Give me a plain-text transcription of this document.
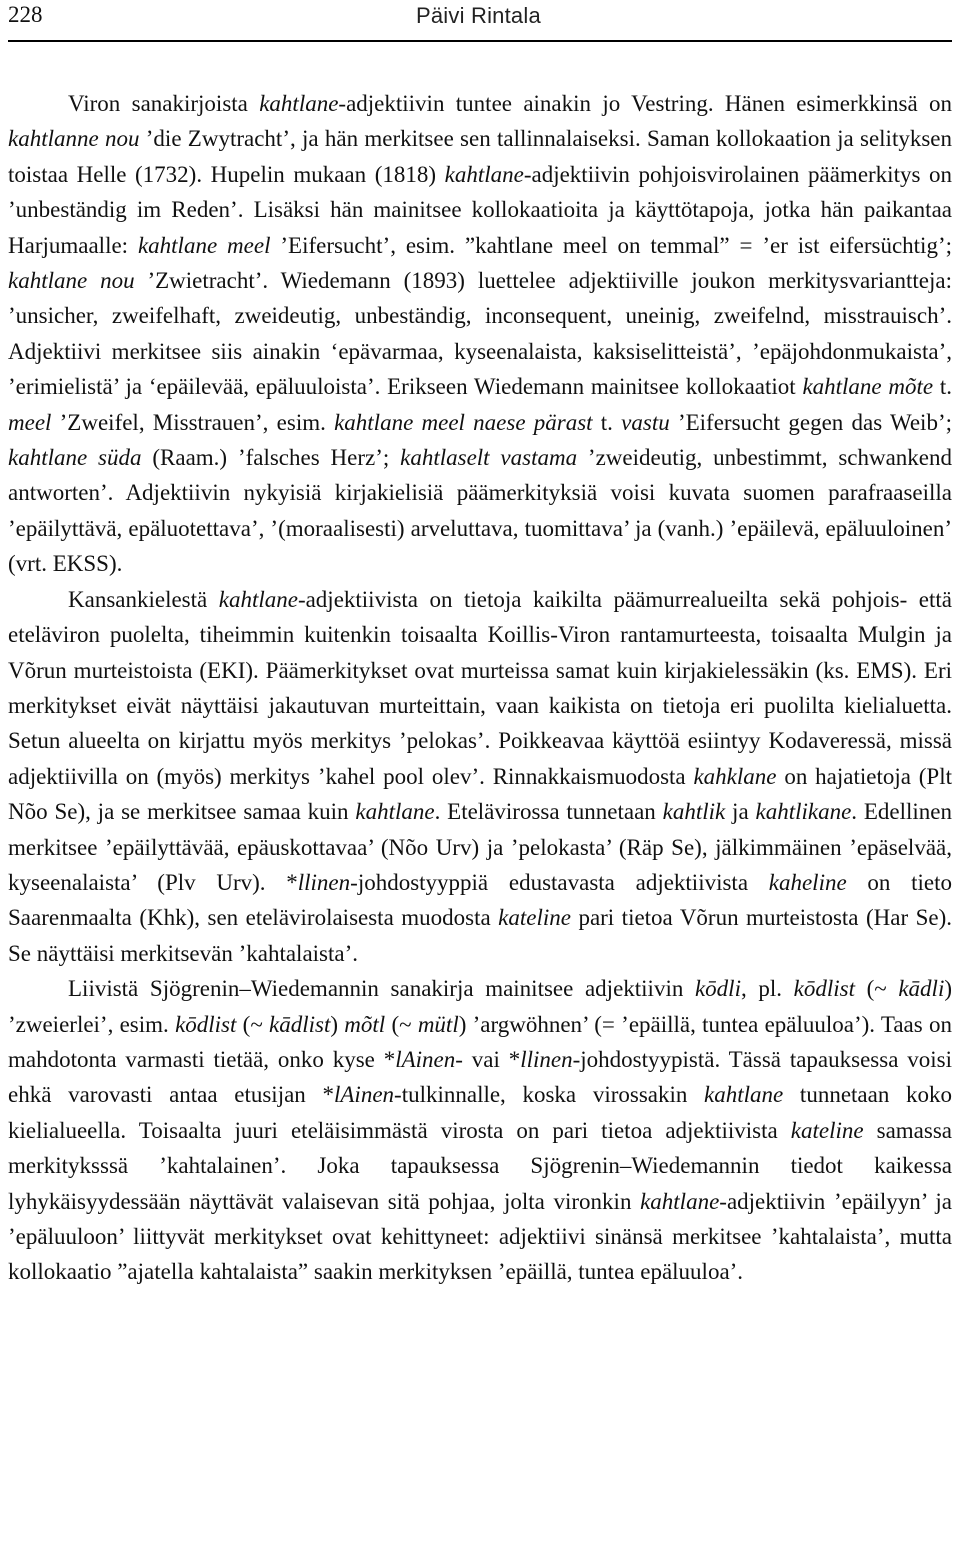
228	Päivi Rintala

Viron sanakirjoista kahtlane-adjektiivin tuntee ainakin jo Vestring. Hänen esimerkkinsä on kahtlanne nou ’die Zwytracht’, ja hän merkitsee sen tallinnalaiseksi. Saman kollokaation ja selityksen toistaa Helle (1732). Hupelin mukaan (1818) kahtlane-adjektiivin pohjoisvirolainen päämerkitys on ’unbeständig im Reden’. Lisäksi hän mainitsee kollokaatioita ja käyttötapoja, jotka hän paikantaa Harjumaalle: kahtlane meel ’Eifersucht’, esim. ”kahtlane meel on temmal” = ’er ist eifersüchtig’; kahtlane nou ’Zwietracht’. Wiedemann (1893) luettelee adjektiiville joukon merkitysvariantteja: ’unsicher, zweifelhaft, zweideutig, unbeständig, inconsequent, uneinig, zweifelnd, misstrauisch’. Adjektiivi merkitsee siis ainakin ‘epävarmaa, kyseenalaista, kaksiselitteistä’, ’epäjohdonmukaista’, ’erimielistä’ ja ‘epäilevää, epäluuloista’. Erikseen Wiedemann mainitsee kollokaatiot kahtlane mõte t. meel ’Zweifel, Misstrauen’, esim. kahtlane meel naese pärast t. vastu ’Eifersucht gegen das Weib’; kahtlane süda (Raam.) ’falsches Herz’; kahtlaselt vastama ’zweideutig, unbestimmt, schwankend antworten’. Adjektiivin nykyisiä kirjakielisiä päämerkityksiä voisi kuvata suomen parafraaseilla ’epäilyttävä, epäluotettava’, ’(moraalisesti) arveluttava, tuomittava’ ja (vanh.) ’epäilevä, epäluuloinen’ (vrt. EKSS).

Kansankielestä kahtlane-adjektiivista on tietoja kaikilta päämurrealueilta sekä pohjois- että eteläviron puolelta, tiheimmin kuitenkin toisaalta Koillis-Viron rantamurteesta, toisaalta Mulgin ja Võrun murteistoista (EKI). Päämerkitykset ovat murteissa samat kuin kirjakielessäkin (ks. EMS). Eri merkitykset eivät näyttäisi jakautuvan murteittain, vaan kaikista on tietoja eri puolilta kielialuetta. Setun alueelta on kirjattu myös merkitys ’pelokas’. Poikkeavaa käyttöä esiintyy Kodaveressä, missä adjektiivilla on (myös) merkitys ’kahel pool olev’. Rinnakkaismuodosta kahklane on hajatietoja (Plt Nõo Se), ja se merkitsee samaa kuin kahtlane. Etelävirossa tunnetaan kahtlik ja kahtlikane. Edellinen merkitsee ’epäilyttävää, epäuskottavaa’ (Nõo Urv) ja ’pelokasta’ (Räp Se), jälkimmäinen ’epäselvää, kyseenalaista’ (Plv Urv). *llinen-johdostyyppiä edustavasta adjektiivista kaheline on tieto Saarenmaalta (Khk), sen etelävirolaisesta muodosta kateline pari tietoa Võrun murteistosta (Har Se). Se näyttäisi merkitsevän ’kahtalaista’.

Liivistä Sjögrenin–Wiedemannin sanakirja mainitsee adjektiivin kōdli, pl. kōdlist (~ kādli) ’zweierlei’, esim. kōdlist (~ kādlist) mõtl (~ mütl) ’argwöhnen’ (= ’epäillä, tuntea epäluuloa’). Taas on mahdotonta varmasti tietää, onko kyse *lAinen- vai *llinen-johdostyypistä. Tässä tapauksessa voisi ehkä varovasti antaa etusijan *lAinen-tulkinnalle, koska virossakin kahtlane tunnetaan koko kielialueella. Toisaalta juuri eteläisimmästä virosta on pari tietoa adjektiivista kateline samassa merkityksssä ’kahtalainen’. Joka tapauksessa Sjögrenin–Wiedemannin tiedot kaikessa lyhykäisyydessään näyttävät valaisevan sitä pohjaa, jolta vironkin kahtlane-adjektiivin ’epäilyyn’ ja ’epäluuloon’ liittyvät merkitykset ovat kehittyneet: adjektiivi sinänsä merkitsee ’kahtalaista’, mutta kollokaatio ”ajatella kahtalaista” saakin merkityksen ’epäillä, tuntea epäluuloa’.
